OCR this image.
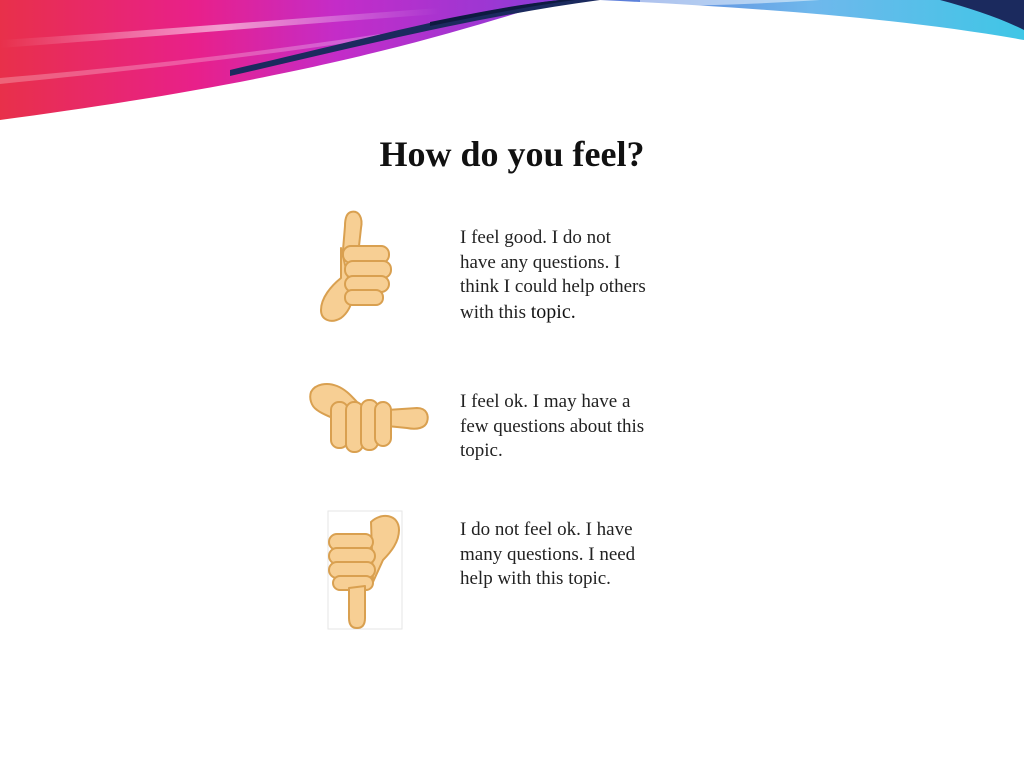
How do you feel?
I feel good. I do not
have any questions. I
think I could help others
with this topic.
I feel ok. I may have a
few questions about this
topic.
I do not feel ok. I have
many questions. I need
help with this topic.
